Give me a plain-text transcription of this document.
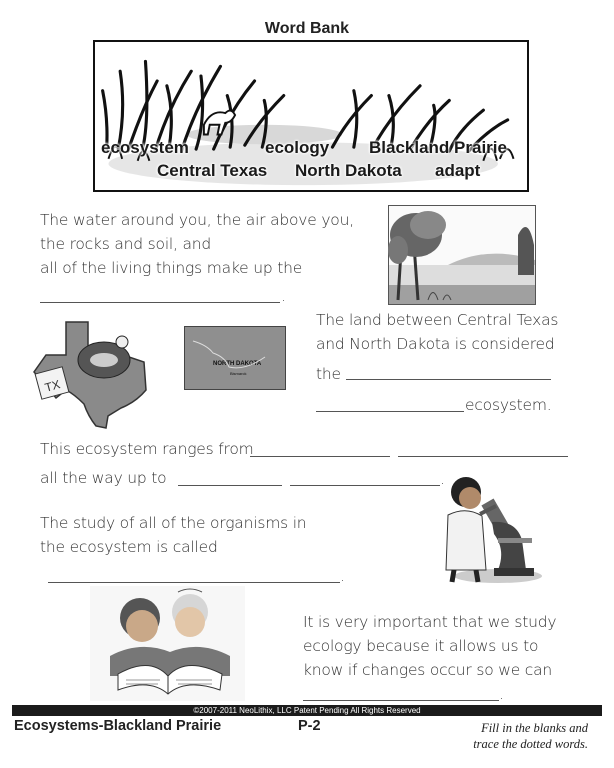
Word Bank
ecosystem	ecology Blackland Prairie
Central Texas North Dakota adapt
The water around you, the air above you,
the rocks and soil, and
all of the living things make up the
.
TX
NORTH DAKOTA
Bismarck
The land between Central Texas
and North Dakota is considered
the
ecosystem.
This ecosystem ranges from
all the way up to	.
The study of all of the organisms in
the ecosystem is called
.
It is very important that we study
ecology because it allows us to
know if changes occur so we can
.
©2007-2011 NeoLithix, LLC Patent Pending All Rights Reserved
Ecosystems-Blackland Prairie	P-2	Fill in the blanks and
trace the dotted words.
